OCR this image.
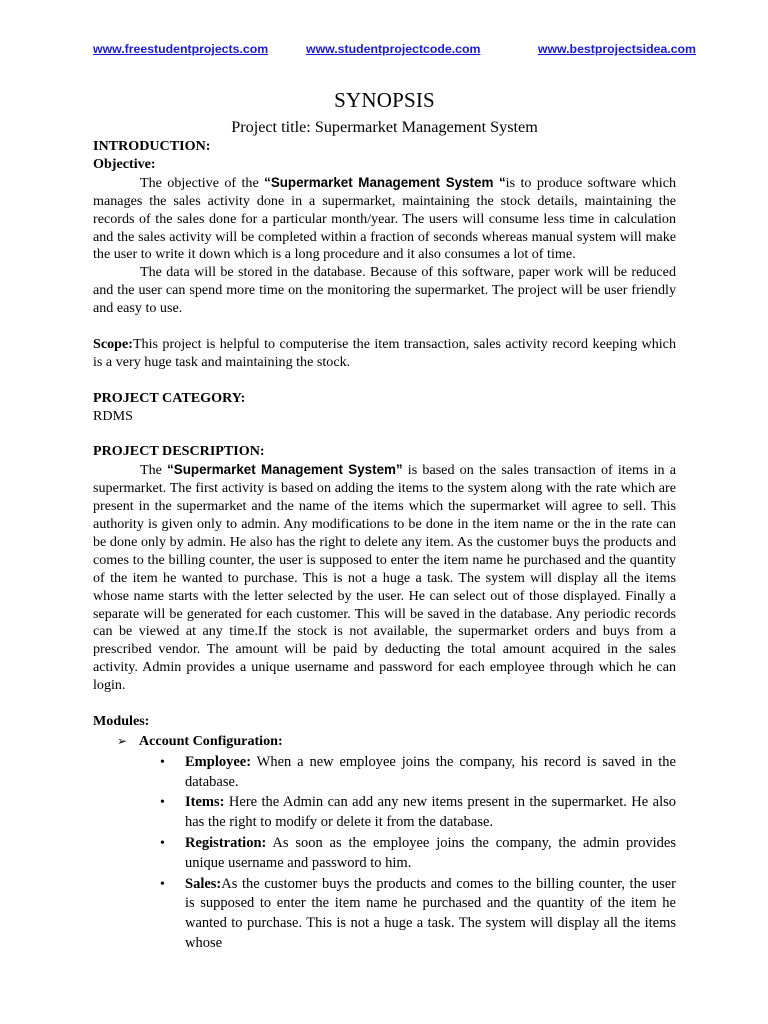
www.freestudentprojects.com	www.studentprojectcode.com	www.bestprojectsidea.com
SYNOPSIS
Project title: Supermarket Management System

INTRODUCTION:

Objective:

The objective of the “Supermarket Management System “is to produce software which manages the sales activity done in a supermarket, maintaining the stock details, maintaining the records of the sales done for a particular month/year. The users will consume less time in calculation and the sales activity will be completed within a fraction of seconds whereas manual system will make the user to write it down which is a long procedure and it also consumes a lot of time.

The data will be stored in the database. Because of this software, paper work will be reduced and the user can spend more time on the monitoring the supermarket. The project will be user friendly and easy to use.

Scope:This project is helpful to computerise the item transaction, sales activity record keeping which is a very huge task and maintaining the stock.

PROJECT CATEGORY:

RDMS

PROJECT DESCRIPTION:

The “Supermarket Management System” is based on the sales transaction of items in a supermarket. The first activity is based on adding the items to the system along with the rate which are present in the supermarket and the name of the items which the supermarket will agree to sell. This authority is given only to admin. Any modifications to be done in the item name or the in the rate can be done only by admin. He also has the right to delete any item. As the customer buys the products and comes to the billing counter, the user is supposed to enter the item name he purchased and the quantity of the item he wanted to purchase. This is not a huge a task. The system will display all the items whose name starts with the letter selected by the user. He can select out of those displayed. Finally a separate will be generated for each customer. This will be saved in the database. Any periodic records can be viewed at any time.If the stock is not available, the supermarket orders and buys from a prescribed vendor. The amount will be paid by deducting the total amount acquired in the sales activity. Admin provides a unique username and password for each employee through which he can login.

Modules:

➢ Account Configuration:
• Employee: When a new employee joins the company, his record is saved in the database.
• Items: Here the Admin can add any new items present in the supermarket. He also has the right to modify or delete it from the database.
• Registration: As soon as the employee joins the company, the admin provides unique username and password to him.
• Sales:As the customer buys the products and comes to the billing counter, the user is supposed to enter the item name he purchased and the quantity of the item he wanted to purchase. This is not a huge a task. The system will display all the items whose
